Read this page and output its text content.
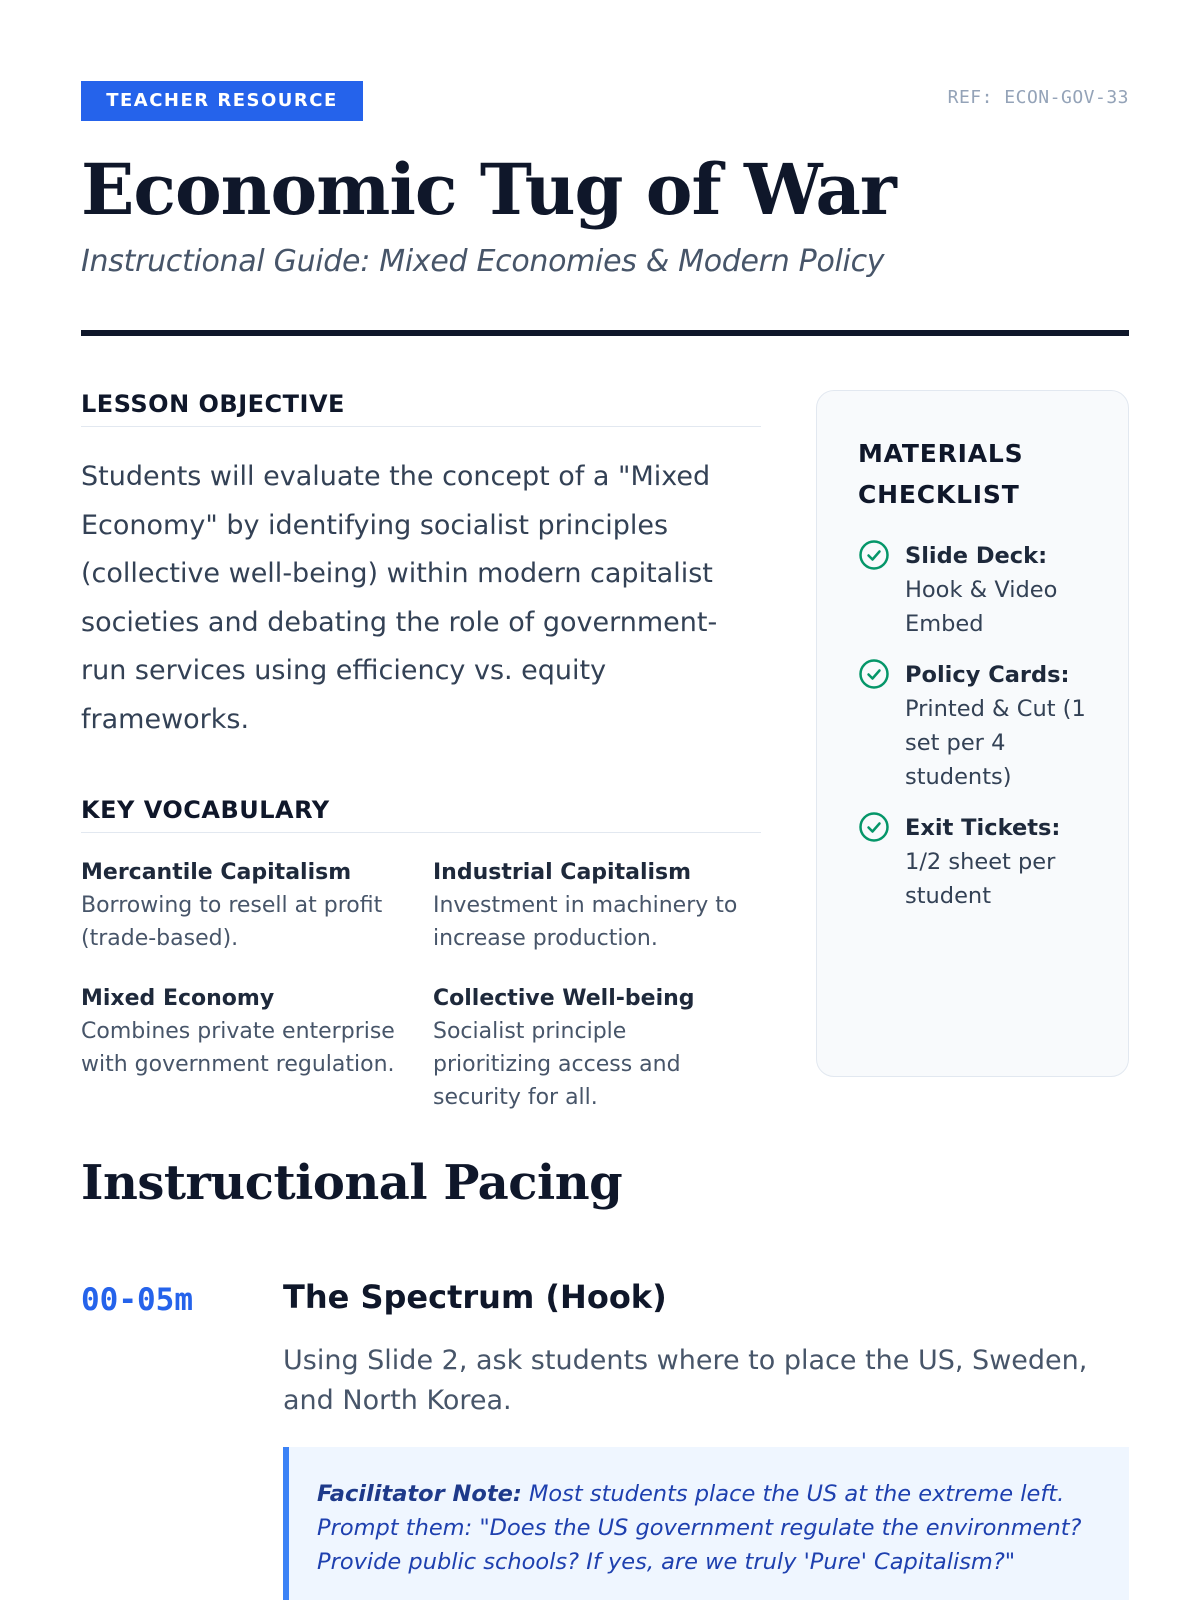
TEACHER RESOURCE	REF: ECON-GOV-33
Economic Tug of War
Instructional Guide: Mixed Economies & Modern Policy
LESSON OBJECTIVE

Students will evaluate the concept of a "Mixed Economy" by identifying socialist principles (collective well-being) within modern capitalist societies and debating the role of government-run services using efficiency vs. equity frameworks.

KEY VOCABULARY
Mercantile Capitalism
Borrowing to resell at profit (trade-based).
Industrial Capitalism
Investment in machinery to increase production.
Mixed Economy
Combines private enterprise with government regulation.
Collective Well-being
Socialist principle prioritizing access and security for all.
MATERIALS CHECKLIST
Slide Deck: Hook & Video Embed
Policy Cards: Printed & Cut (1 set per 4 students)
Exit Tickets: 1/2 sheet per student
Instructional Pacing
00-05m	The Spectrum (Hook)

Using Slide 2, ask students where to place the US, Sweden, and North Korea.

Facilitator Note: Most students place the US at the extreme left. Prompt them: "Does the US government regulate the environment? Provide public schools? If yes, are we truly 'Pure' Capitalism?"
